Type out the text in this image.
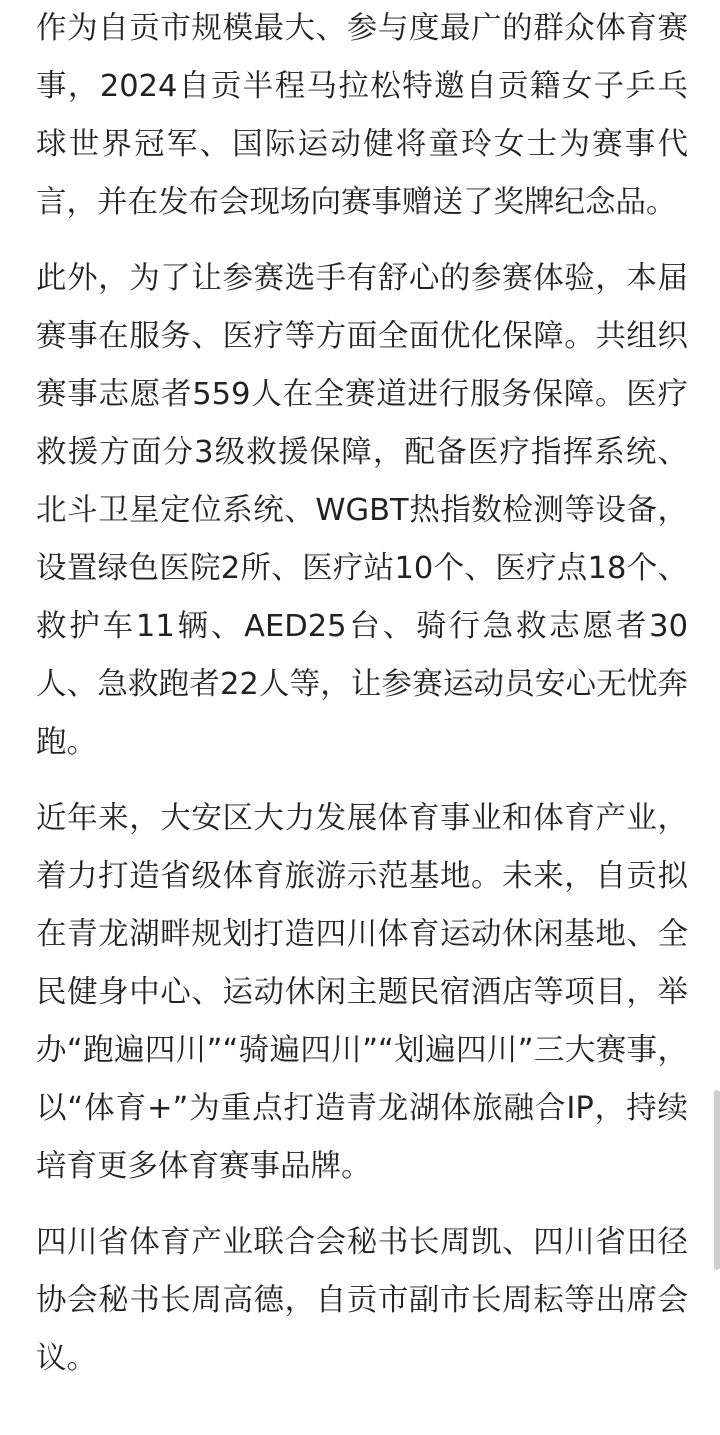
作为自贡市规模最大、参与度最广的群众体育赛事，2024自贡半程马拉松特邀自贡籍女子乒乓球世界冠军、国际运动健将童玲女士为赛事代言，并在发布会现场向赛事赠送了奖牌纪念品。

此外，为了让参赛选手有舒心的参赛体验，本届赛事在服务、医疗等方面全面优化保障。共组织赛事志愿者559人在全赛道进行服务保障。医疗救援方面分3级救援保障，配备医疗指挥系统、北斗卫星定位系统、WGBT热指数检测等设备，设置绿色医院2所、医疗站10个、医疗点18个、救护车11辆、AED25台、骑行急救志愿者30人、急救跑者22人等，让参赛运动员安心无忧奔跑。

近年来，大安区大力发展体育事业和体育产业，着力打造省级体育旅游示范基地。未来，自贡拟在青龙湖畔规划打造四川体育运动休闲基地、全民健身中心、运动休闲主题民宿酒店等项目，举办“跑遍四川”“骑遍四川”“划遍四川”三大赛事，以“体育+”为重点打造青龙湖体旅融合IP，持续培育更多体育赛事品牌。

四川省体育产业联合会秘书长周凯、四川省田径协会秘书长周高德，自贡市副市长周耘等出席会议。
